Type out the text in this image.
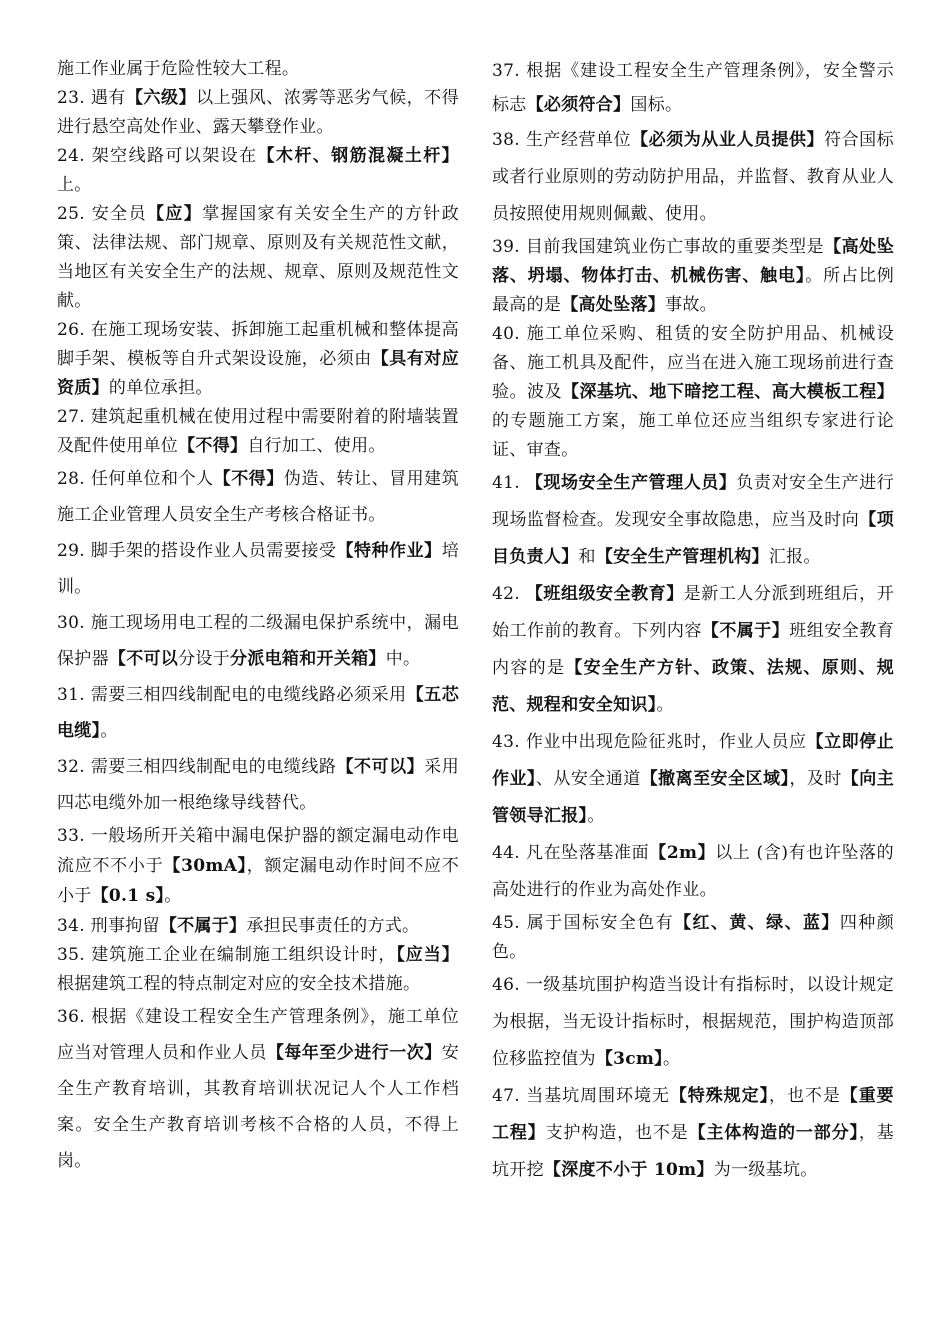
施工作业属于危险性较大工程。

23. 遇有【六级】以上强风、浓雾等恶劣气候，不得进行悬空高处作业、露天攀登作业。

24. 架空线路可以架设在【木杆、钢筋混凝土杆】上。

25. 安全员【应】掌握国家有关安全生产的方针政策、法律法规、部门规章、原则及有关规范性文献，当地区有关安全生产的法规、规章、原则及规范性文献。

26. 在施工现场安装、拆卸施工起重机械和整体提高脚手架、模板等自升式架设设施，必须由【具有对应资质】的单位承担。

27. 建筑起重机械在使用过程中需要附着的附墙装置及配件使用单位【不得】自行加工、使用。

28. 任何单位和个人【不得】伪造、转让、冒用建筑施工企业管理人员安全生产考核合格证书。

29. 脚手架的搭设作业人员需要接受【特种作业】培训。

30. 施工现场用电工程的二级漏电保护系统中，漏电保护器【不可以分设于分派电箱和开关箱】中。

31. 需要三相四线制配电的电缆线路必须采用【五芯电缆】。

32. 需要三相四线制配电的电缆线路【不可以】采用四芯电缆外加一根绝缘导线替代。

33. 一般场所开关箱中漏电保护器的额定漏电动作电流应不不小于【30mA】，额定漏电动作时间不应不小于【0.1 s】。

34. 刑事拘留【不属于】承担民事责任的方式。

35. 建筑施工企业在编制施工组织设计时，【应当】根据建筑工程的特点制定对应的安全技术措施。

36. 根据《建设工程安全生产管理条例》，施工单位应当对管理人员和作业人员【每年至少进行一次】安全生产教育培训，其教育培训状况记人个人工作档案。安全生产教育培训考核不合格的人员，不得上岗。

37. 根据《建设工程安全生产管理条例》，安全警示标志【必须符合】国标。

38. 生产经营单位【必须为从业人员提供】符合国标或者行业原则的劳动防护用品，并监督、教育从业人员按照使用规则佩戴、使用。

39. 目前我国建筑业伤亡事故的重要类型是【高处坠落、坍塌、物体打击、机械伤害、触电】。所占比例最高的是【高处坠落】事故。

40. 施工单位采购、租赁的安全防护用品、机械设备、施工机具及配件，应当在进入施工现场前进行查验。波及【深基坑、地下暗挖工程、高大模板工程】的专题施工方案，施工单位还应当组织专家进行论证、审查。

41. 【现场安全生产管理人员】负责对安全生产进行现场监督检查。发现安全事故隐患，应当及时向【项目负责人】和【安全生产管理机构】汇报。

42. 【班组级安全教育】是新工人分派到班组后，开始工作前的教育。下列内容【不属于】班组安全教育内容的是【安全生产方针、政策、法规、原则、规范、规程和安全知识】。

43. 作业中出现危险征兆时，作业人员应【立即停止作业】、从安全通道【撤离至安全区域】，及时【向主管领导汇报】。

44. 凡在坠落基准面【2m】以上 (含)有也许坠落的高处进行的作业为高处作业。

45. 属于国标安全色有【红、黄、绿、蓝】四种颜色。

46. 一级基坑围护构造当设计有指标时，以设计规定为根据，当无设计指标时，根据规范，围护构造顶部位移监控值为【3cm】。

47. 当基坑周围环境无【特殊规定】，也不是【重要工程】支护构造，也不是【主体构造的一部分】，基坑开挖【深度不小于 10m】为一级基坑。
